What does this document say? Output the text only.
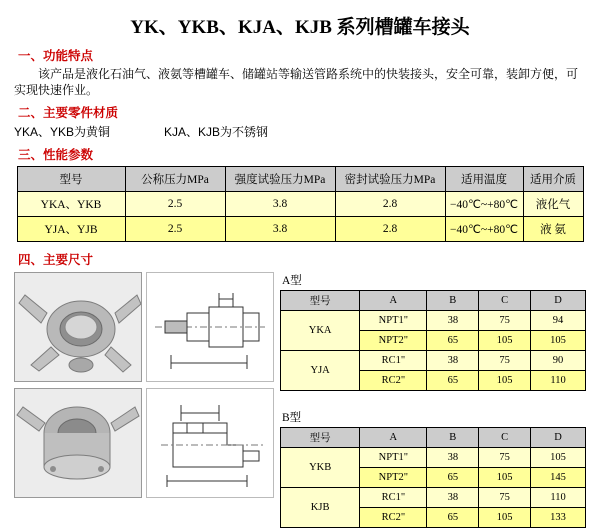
YK、YKB、KJA、KJB 系列槽罐车接头
一、功能特点
该产品是液化石油气、液氨等槽罐车、储罐站等输送管路系统中的快装接头，安全可靠，装卸方便，可实现快速作业。
二、主要零件材质
YKA、YKB为黄铜	KJA、KJB为不锈钢
三、性能参数
型号	公称压力MPa	强度试验压力MPa	密封试验压力MPa	适用温度	适用介质
YKA、YKB	2.5	3.8	2.8	−40℃~+80℃	液化气
YJA、YJB	2.5	3.8	2.8	−40℃~+80℃	液 氨
四、主要尺寸
A型
型号	A	B	C	D
YKA	NPT1"	38	75	94
	NPT2"	65	105	105
YJA	RC1"	38	75	90
	RC2"	65	105	110
B型
型号	A	B	C	D
YKB	NPT1"	38	75	105
	NPT2"	65	105	145
KJB	RC1"	38	75	110
	RC2"	65	105	133
